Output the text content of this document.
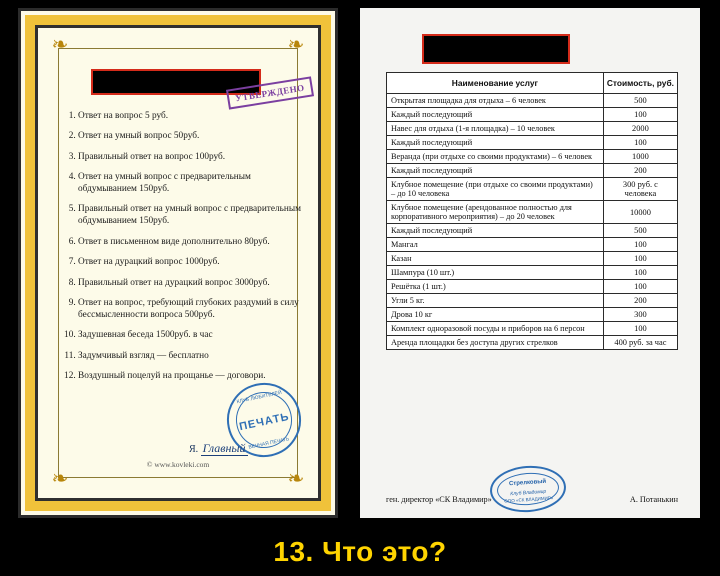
❧	❧
❧	❧
УТВЕРЖДЕНО
1. Ответ на вопрос 5 руб.
2. Ответ на умный вопрос 50руб.
3. Правильный ответ на вопрос 100руб.
4. Ответ на умный вопрос с предварительным обдумыванием 150руб.
5. Правильный ответ на умный вопрос с предварительным обдумыванием 150руб.
6. Ответ в письменном виде дополнительно 80руб.
7. Ответ на дурацкий вопрос 1000руб.
8. Правильный ответ на дурацкий вопрос 3000руб.
9. Ответ на вопрос, требующий глубоких раздумий в силу бессмысленности вопроса 500руб.
10. Задушевная беседа 1500руб. в час
11. Задумчивый взгляд — бесплатно
12. Воздушный поцелуй на прощанье — договори.
КЛУБ ЛЮБИТЕЛЕЙ
ПЕЧАТЬ
ВЕЧНАЯ ПЕЧАТЬ
Я. Главный
© www.kovleki.com
Наименование услуг	Стоимость, руб.
Открытая площадка для отдыха – 6 человек	500
Каждый последующий	100
Навес для отдыха (1-я площадка) – 10 человек	2000
Каждый последующий	100
Веранда (при отдыхе со своими продуктами) – 6 человек	1000
Каждый последующий	200
Клубное помещение (при отдыхе со своими продуктами) – до 10 человека	300 руб. с человека
Клубное помещение (арендованное полностью для корпоративного мероприятия) – до 20 человек	10000
Каждый последующий	500
Мангал	100
Казан	100
Шампура (10 шт.)	100
Решётка (1 шт.)	100
Угли 5 кг.	200
Дрова 10 кг	300
Комплект одноразовой посуды и приборов на 6 персон	100
Аренда площадки без доступа других стрелков	400 руб. за час
ген. директор «СК Владимир»	А. Потанькин
Стрелковый
Клуб Владимир
ООО «СК ВЛАДИМИР»
13. Что это?
